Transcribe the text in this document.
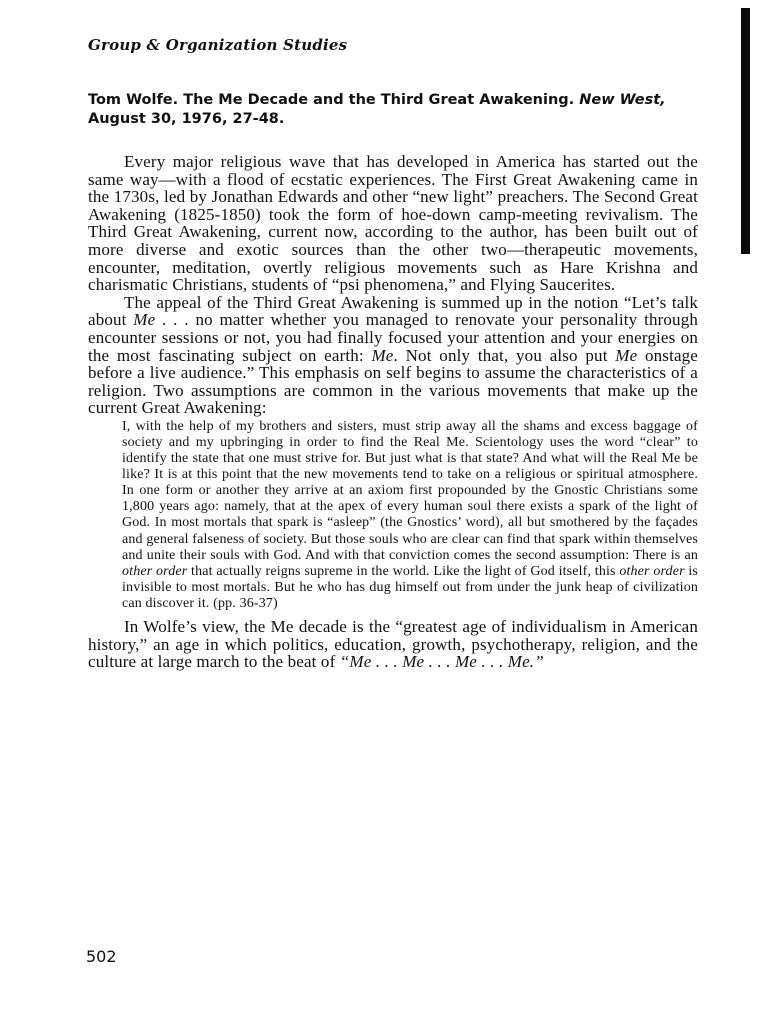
Group & Organization Studies
Tom Wolfe. The Me Decade and the Third Great Awakening. New West,
August 30, 1976, 27-48.

Every major religious wave that has developed in America has started out the same way—with a flood of ecstatic experiences. The First Great Awakening came in the 1730s, led by Jonathan Edwards and other “new light” preachers. The Second Great Awakening (1825-1850) took the form of hoe-down camp-meeting revivalism. The Third Great Awakening, current now, according to the author, has been built out of more diverse and exotic sources than the other two—therapeutic movements, encounter, meditation, overtly religious movements such as Hare Krishna and charismatic Christians, students of “psi phenomena,” and Flying Saucerites.

The appeal of the Third Great Awakening is summed up in the notion “Let’s talk about Me . . . no matter whether you managed to renovate your personality through encounter sessions or not, you had finally focused your attention and your energies on the most fascinating subject on earth: Me. Not only that, you also put Me onstage before a live audience.” This emphasis on self begins to assume the characteristics of a religion. Two assumptions are common in the various movements that make up the current Great Awakening:

I, with the help of my brothers and sisters, must strip away all the shams and excess baggage of society and my upbringing in order to find the Real Me. Scientology uses the word “clear” to identify the state that one must strive for. But just what is that state? And what will the Real Me be like? It is at this point that the new movements tend to take on a religious or spiritual atmosphere. In one form or another they arrive at an axiom first propounded by the Gnostic Christians some 1,800 years ago: namely, that at the apex of every human soul there exists a spark of the light of God. In most mortals that spark is “asleep” (the Gnostics’ word), all but smothered by the façades and general falseness of society. But those souls who are clear can find that spark within themselves and unite their souls with God. And with that conviction comes the second assumption: There is an other order that actually reigns supreme in the world. Like the light of God itself, this other order is invisible to most mortals. But he who has dug himself out from under the junk heap of civilization can discover it. (pp. 36-37)

In Wolfe’s view, the Me decade is the “greatest age of individualism in American history,” an age in which politics, education, growth, psychotherapy, religion, and the culture at large march to the beat of “Me . . . Me . . . Me . . . Me.”

502
